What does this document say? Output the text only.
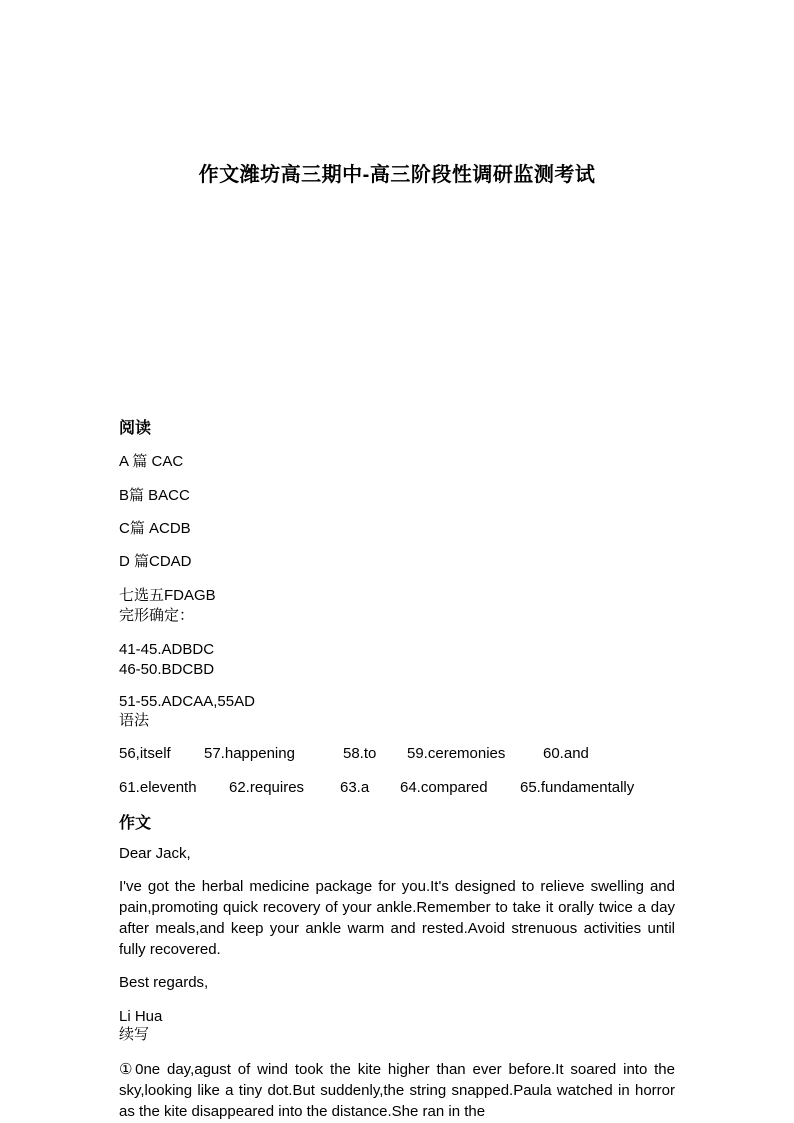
作文潍坊高三期中-高三阶段性调研监测考试
阅读
A 篇 CAC
B篇 BACC
C篇 ACDB
D 篇CDAD
七选五FDAGB
完形确定：
41-45.ADBDC
46-50.BDCBD
51-55.ADCAA,55AD
语法
56,itself 57.happening	58.to 59.ceremonies	60.and
61.eleventh 62.requires 63.a 64.compared 65.fundamentally
作文
Dear Jack,
I've got the herbal medicine package for you.It's designed to relieve swelling and pain,promoting quick recovery of your ankle.Remember to take it orally twice a day after meals,and keep your ankle warm and rested.Avoid strenuous activities until fully recovered.
Best regards,
Li Hua
续写
①0ne day,agust of wind took the kite higher than ever before.It soared into the sky,looking like a tiny dot.But suddenly,the string snapped.Paula watched in horror as the kite disappeared into the distance.She ran in the
